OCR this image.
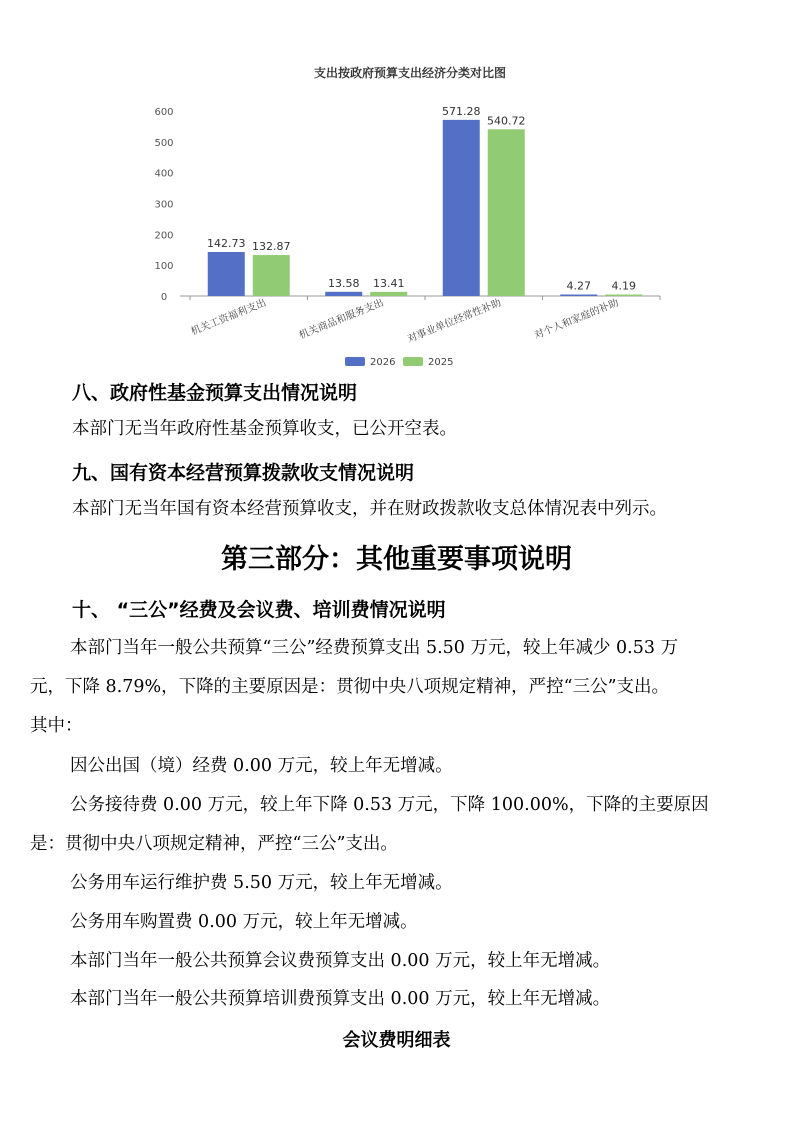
支出按政府预算支出经济分类对比图
0
100
200
300
400
500
600
机关工资福利支出	机关商品和服务支出 对事业单位经常性补助	对个人和家庭的补助
142.73 132.87
13.58 13.41
571.28
540.72
4.27 4.19
2026	2025
八、政府性基金预算支出情况说明
本部门无当年政府性基金预算收支，已公开空表。
九、国有资本经营预算拨款收支情况说明
本部门无当年国有资本经营预算收支，并在财政拨款收支总体情况表中列示。
第三部分：其他重要事项说明
十、 “三公”经费及会议费、培训费情况说明
本部门当年一般公共预算“三公”经费预算支出 5.50 万元，较上年减少 0.53 万
元，下降 8.79%，下降的主要原因是：贯彻中央八项规定精神，严控“三公”支出。
其中：
因公出国（境）经费 0.00 万元，较上年无增减。
公务接待费 0.00 万元，较上年下降 0.53 万元，下降 100.00%，下降的主要原因
是：贯彻中央八项规定精神，严控“三公”支出。
公务用车运行维护费 5.50 万元，较上年无增减。
公务用车购置费 0.00 万元，较上年无增减。
本部门当年一般公共预算会议费预算支出 0.00 万元，较上年无增减。
本部门当年一般公共预算培训费预算支出 0.00 万元，较上年无增减。
会议费明细表
